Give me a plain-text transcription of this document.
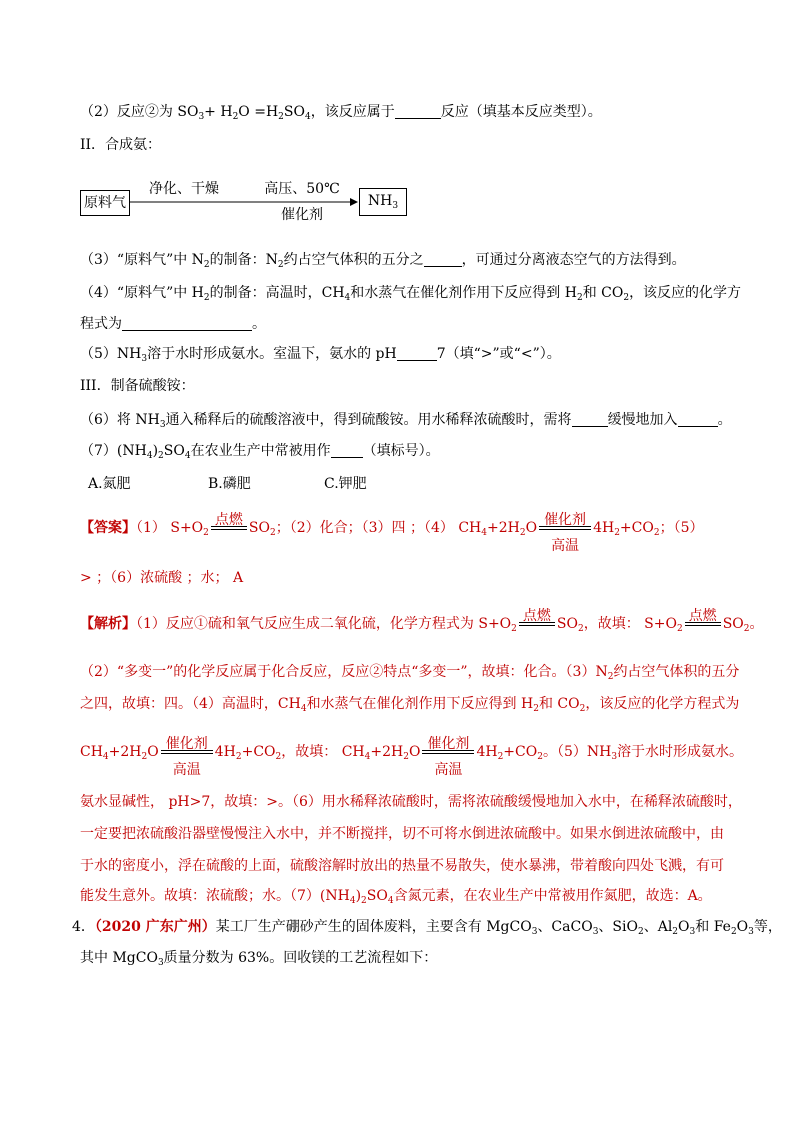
（2）反应②为 $SO_3+ H_2O =H_2SO_4$，该反应属于	反应（填基本反应类型）。
II．合成氨：
原料气
净化、干燥	高压、50℃
催化剂
$NH_3$
（3）“原料气”中 $N_2$的制备：$N_2$约占空气体积的五分之	，可通过分离液态空气的方法得到。
（4）“原料气”中 $H_2$的制备：高温时，$CH_4$和水蒸气在催化剂作用下反应得到 $H_2$和 $CO_2$，该反应的化学方
程式为	。
$(5)NH_3$溶于水时形成氨水。室温下，氨水的 pH	7（填“>”或“<”）。
III．制备硫酸铵：
（6）将 $NH_3$通入稀释后的硫酸溶液中，得到硫酸铵。用水稀释浓硫酸时，需将	缓慢地加入	。
$(7)(NH_4)_2SO_4$在农业生产中常被用作 （填标号）。
A.氮肥	B.磷肥	C.钾肥
【答案】（1） $S+O_2$
点燃 $SO_2$；（2）化合；（3）四 ；（4） $CH_4+2H_2O$ 催化剂
高温
$4H_2+CO_2$；（5）
> ；（6）浓硫酸 ；水； A
【解析】（1）反应①硫和氧气反应生成二氧化硫，化学方程式为 $S+O_2$
点燃 $SO_2$，故填： $S+O_2$
点燃 $SO_2$。
（2）“多变一”的化学反应属于化合反应，反应②特点“多变一”，故填：化合。$(3)N_2$约占空气体积的五分
之四，故填：四。（4）高温时，$CH_4$和水蒸气在催化剂作用下反应得到 $H_2$和 $CO_2$，该反应的化学方程式为
$CH_4+2H_2O$ 催化剂
高温
$4H_2+CO_2$，故填： $CH_4+2H_2O$ 催化剂
高温
$4H_2+CO_2$。$(5)NH_3$溶于水时形成氨水。
氨水显碱性， pH>7，故填：>。（6）用水稀释浓硫酸时，需将浓硫酸缓慢地加入水中，在稀释浓硫酸时，
一定要把浓硫酸沿器壁慢慢注入水中，并不断搅拌，切不可将水倒进浓硫酸中。如果水倒进浓硫酸中，由
于水的密度小，浮在硫酸的上面，硫酸溶解时放出的热量不易散失，使水暴沸，带着酸向四处飞溅，有可
能发生意外。故填：浓硫酸；水。$(7)(NH_4)_2SO_4$含氮元素，在农业生产中常被用作氮肥，故选：A。
4．（2020 广东广州）某工厂生产硼砂产生的固体废料，主要含有 MgCO$_3$、CaCO$_3$、SiO$_2$、$Al_2O_3$和 $Fe_2O_3$等，
其中 MgCO$_3$质量分数为 63%。回收镁的工艺流程如下：
